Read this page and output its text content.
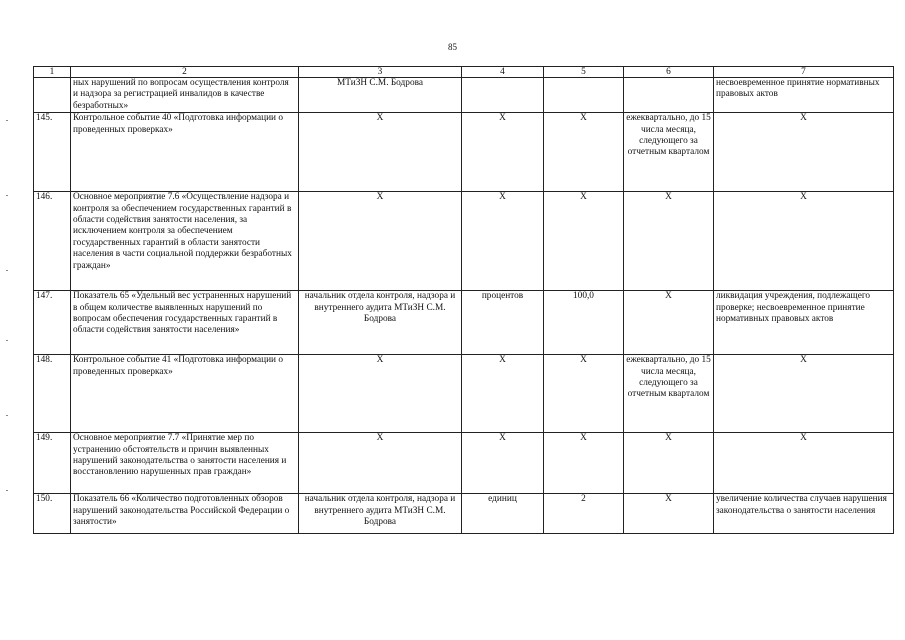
85
1	2	3	4	5	6	7
	ных нарушений по вопросам осуществления контроля и надзора за регистрацией инвалидов в качестве безработных»	МТиЗН С.М. Бодрова				несвоевременное принятие нормативных правовых актов
145.	Контрольное событие 40 «Подготовка информации о проведенных проверках»	Х	Х	Х	ежеквартально, до 15 числа месяца, следующего за отчетным кварталом	Х
146.	Основное мероприятие 7.6 «Осуществление надзора и контроля за обеспечением государственных гарантий в области содействия занятости населения, за исключением контроля за обеспечением государственных гарантий в области занятости населения в части социальной поддержки безработных граждан»	Х	Х	Х	Х	Х
147.	Показатель 65 «Удельный вес устраненных нарушений в общем количестве выявленных нарушений по вопросам обеспечения государственных гарантий в области содействия занятости населения»	начальник отдела контроля, надзора и внутреннего аудита МТиЗН С.М. Бодрова	процентов	100,0	Х	ликвидация учреждения, подлежащего проверке; несвоевременное принятие нормативных правовых актов
148.	Контрольное событие 41 «Подготовка информации о проведенных проверках»	Х	Х	Х	ежеквартально, до 15 числа месяца, следующего за отчетным кварталом	Х
149.	Основное мероприятие 7.7 «Принятие мер по устранению обстоятельств и причин выявленных нарушений законодательства о занятости населения и восстановлению нарушенных прав граждан»	Х	Х	Х	Х	Х
150.	Показатель 66 «Количество подготовленных обзоров нарушений законодательства Российской Федерации о занятости»	начальник отдела контроля, надзора и внутреннего аудита МТиЗН С.М. Бодрова	единиц	2	Х	увеличение количества случаев нарушения законодательства о занятости населения
